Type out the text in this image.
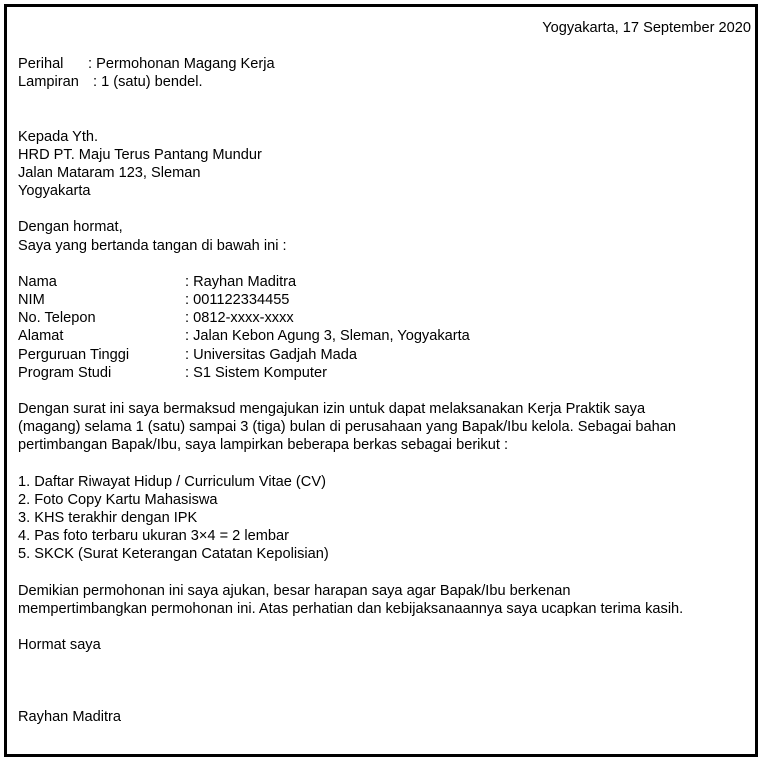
Yogyakarta, 17 September 2020
Perihal	: Permohonan Magang Kerja
Lampiran : 1 (satu) bendel.
Kepada Yth.
HRD PT. Maju Terus Pantang Mundur
Jalan Mataram 123, Sleman
Yogyakarta
Dengan hormat,
Saya yang bertanda tangan di bawah ini :
Nama	: Rayhan Maditra
NIM	: 001122334455
No. Telepon	: 0812-xxxx-xxxx
Alamat	: Jalan Kebon Agung 3, Sleman, Yogyakarta
Perguruan Tinggi	: Universitas Gadjah Mada
Program Studi	: S1 Sistem Komputer
Dengan surat ini saya bermaksud mengajukan izin untuk dapat melaksanakan Kerja Praktik saya
(magang) selama 1 (satu) sampai 3 (tiga) bulan di perusahaan yang Bapak/Ibu kelola. Sebagai bahan
pertimbangan Bapak/Ibu, saya lampirkan beberapa berkas sebagai berikut :
1. Daftar Riwayat Hidup / Curriculum Vitae (CV)
2. Foto Copy Kartu Mahasiswa
3. KHS terakhir dengan IPK
4. Pas foto terbaru ukuran 3×4 = 2 lembar
5. SKCK (Surat Keterangan Catatan Kepolisian)
Demikian permohonan ini saya ajukan, besar harapan saya agar Bapak/Ibu berkenan
mempertimbangkan permohonan ini. Atas perhatian dan kebijaksanaannya saya ucapkan terima kasih.
Hormat saya
Rayhan Maditra
